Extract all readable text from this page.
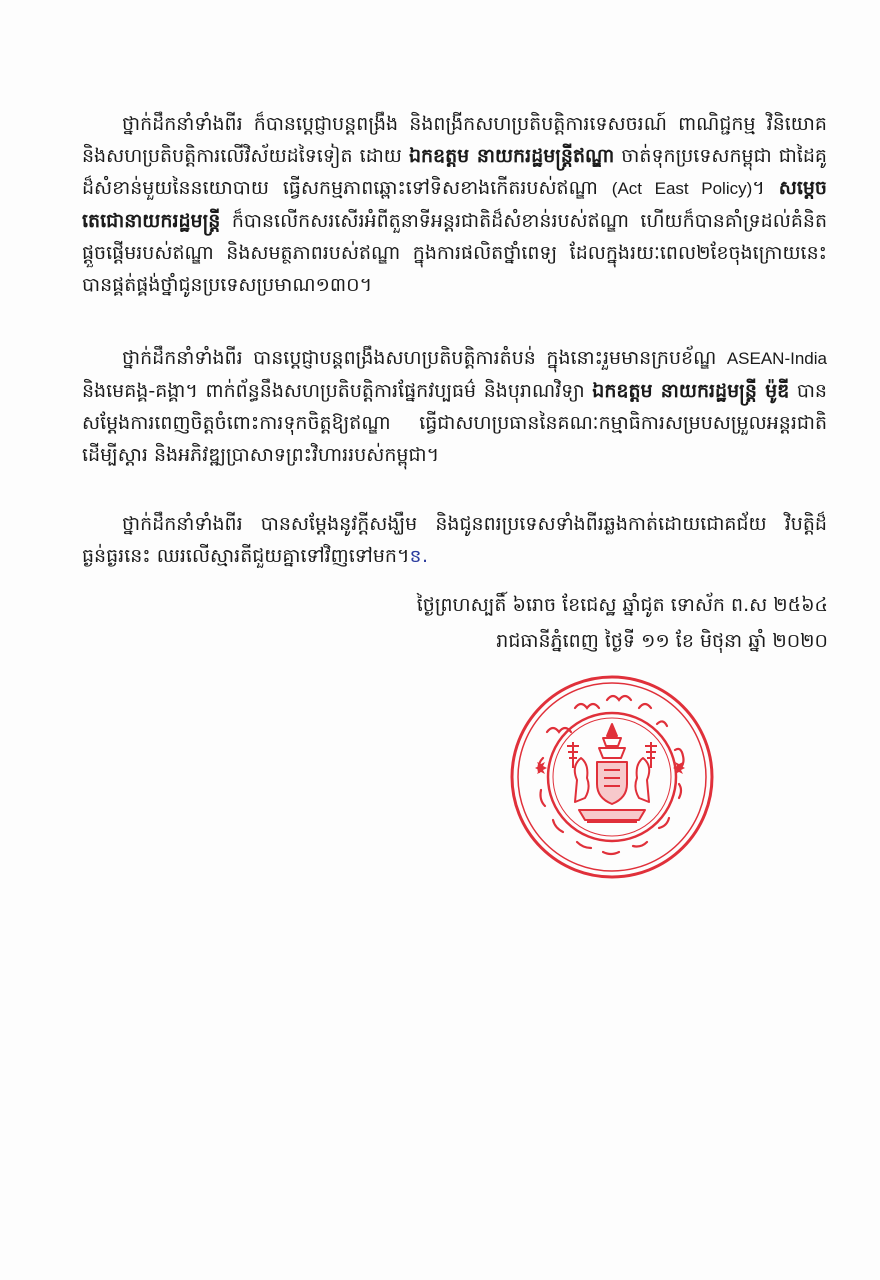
ថ្នាក់ដឹកនាំទាំងពីរ ក៏បានប្តេជ្ញាបន្តពង្រឹង និងពង្រីកសហប្រតិបត្តិការទេសចរណ៍ ពាណិជ្ជកម្ម វិនិយោគ និងសហប្រតិបត្តិការលើវិស័យដទៃទៀត ដោយ ឯកឧត្តម នាយករដ្ឋមន្ត្រីឥណ្ឌា ចាត់ទុកប្រទេសកម្ពុជា ជាដៃគូដ៏សំខាន់មួយនៃនយោបាយ ធ្វើសកម្មភាពឆ្ពោះទៅទិសខាងកើតរបស់ឥណ្ឌា (Act East Policy)។ សម្តេចតេជោនាយករដ្ឋមន្ត្រី ក៏បានលើកសរសើរអំពីតួនាទីអន្តរជាតិដ៏សំខាន់របស់ឥណ្ឌា ហើយក៏បានគាំទ្រដល់គំនិតផ្តួចផ្តើមរបស់ឥណ្ឌា និងសមត្ថភាពរបស់ឥណ្ឌា ក្នុងការផលិតថ្នាំពេទ្យ ដែលក្នុងរយៈពេល២ខែចុងក្រោយនេះ បានផ្គត់ផ្គង់ថ្នាំជូនប្រទេសប្រមាណ១៣០។
ថ្នាក់ដឹកនាំទាំងពីរ បានប្តេជ្ញាបន្តពង្រឹងសហប្រតិបត្តិការតំបន់ ក្នុងនោះរួមមានក្របខ័ណ្ឌ ASEAN-India និងមេគង្គ-គង្គា។ ពាក់ព័ន្ធនឹងសហប្រតិបត្តិការផ្នែកវប្បធម៌ និងបុរាណវិទ្យា ឯកឧត្តម នាយករដ្ឋមន្ត្រី ម៉ូឌី បានសម្តែងការពេញចិត្តចំពោះការទុកចិត្តឱ្យឥណ្ឌា ធ្វើជាសហប្រធាននៃគណៈកម្មាធិការសម្របសម្រួលអន្តរជាតិ ដើម្បីស្តារ និងអភិវឌ្ឍប្រាសាទព្រះវិហាររបស់កម្ពុជា។
ថ្នាក់ដឹកនាំទាំងពីរ បានសម្តែងនូវក្តីសង្ឃឹម និងជូនពរប្រទេសទាំងពីរឆ្លងកាត់ដោយជោគជ័យ វិបត្តិដ៏ធ្ងន់ធ្ងរនេះ ឈរលើស្មារតីជួយគ្នាទៅវិញទៅមក។ៜ.
ថ្ងៃព្រហស្បតិ៍ ៦រោច ខែជេស្ឋ ឆ្នាំជូត ទោស័ក ព.ស ២៥៦៤
រាជធានីភ្នំពេញ ថ្ងៃទី ១១ ខែ មិថុនា ឆ្នាំ ២០២០
